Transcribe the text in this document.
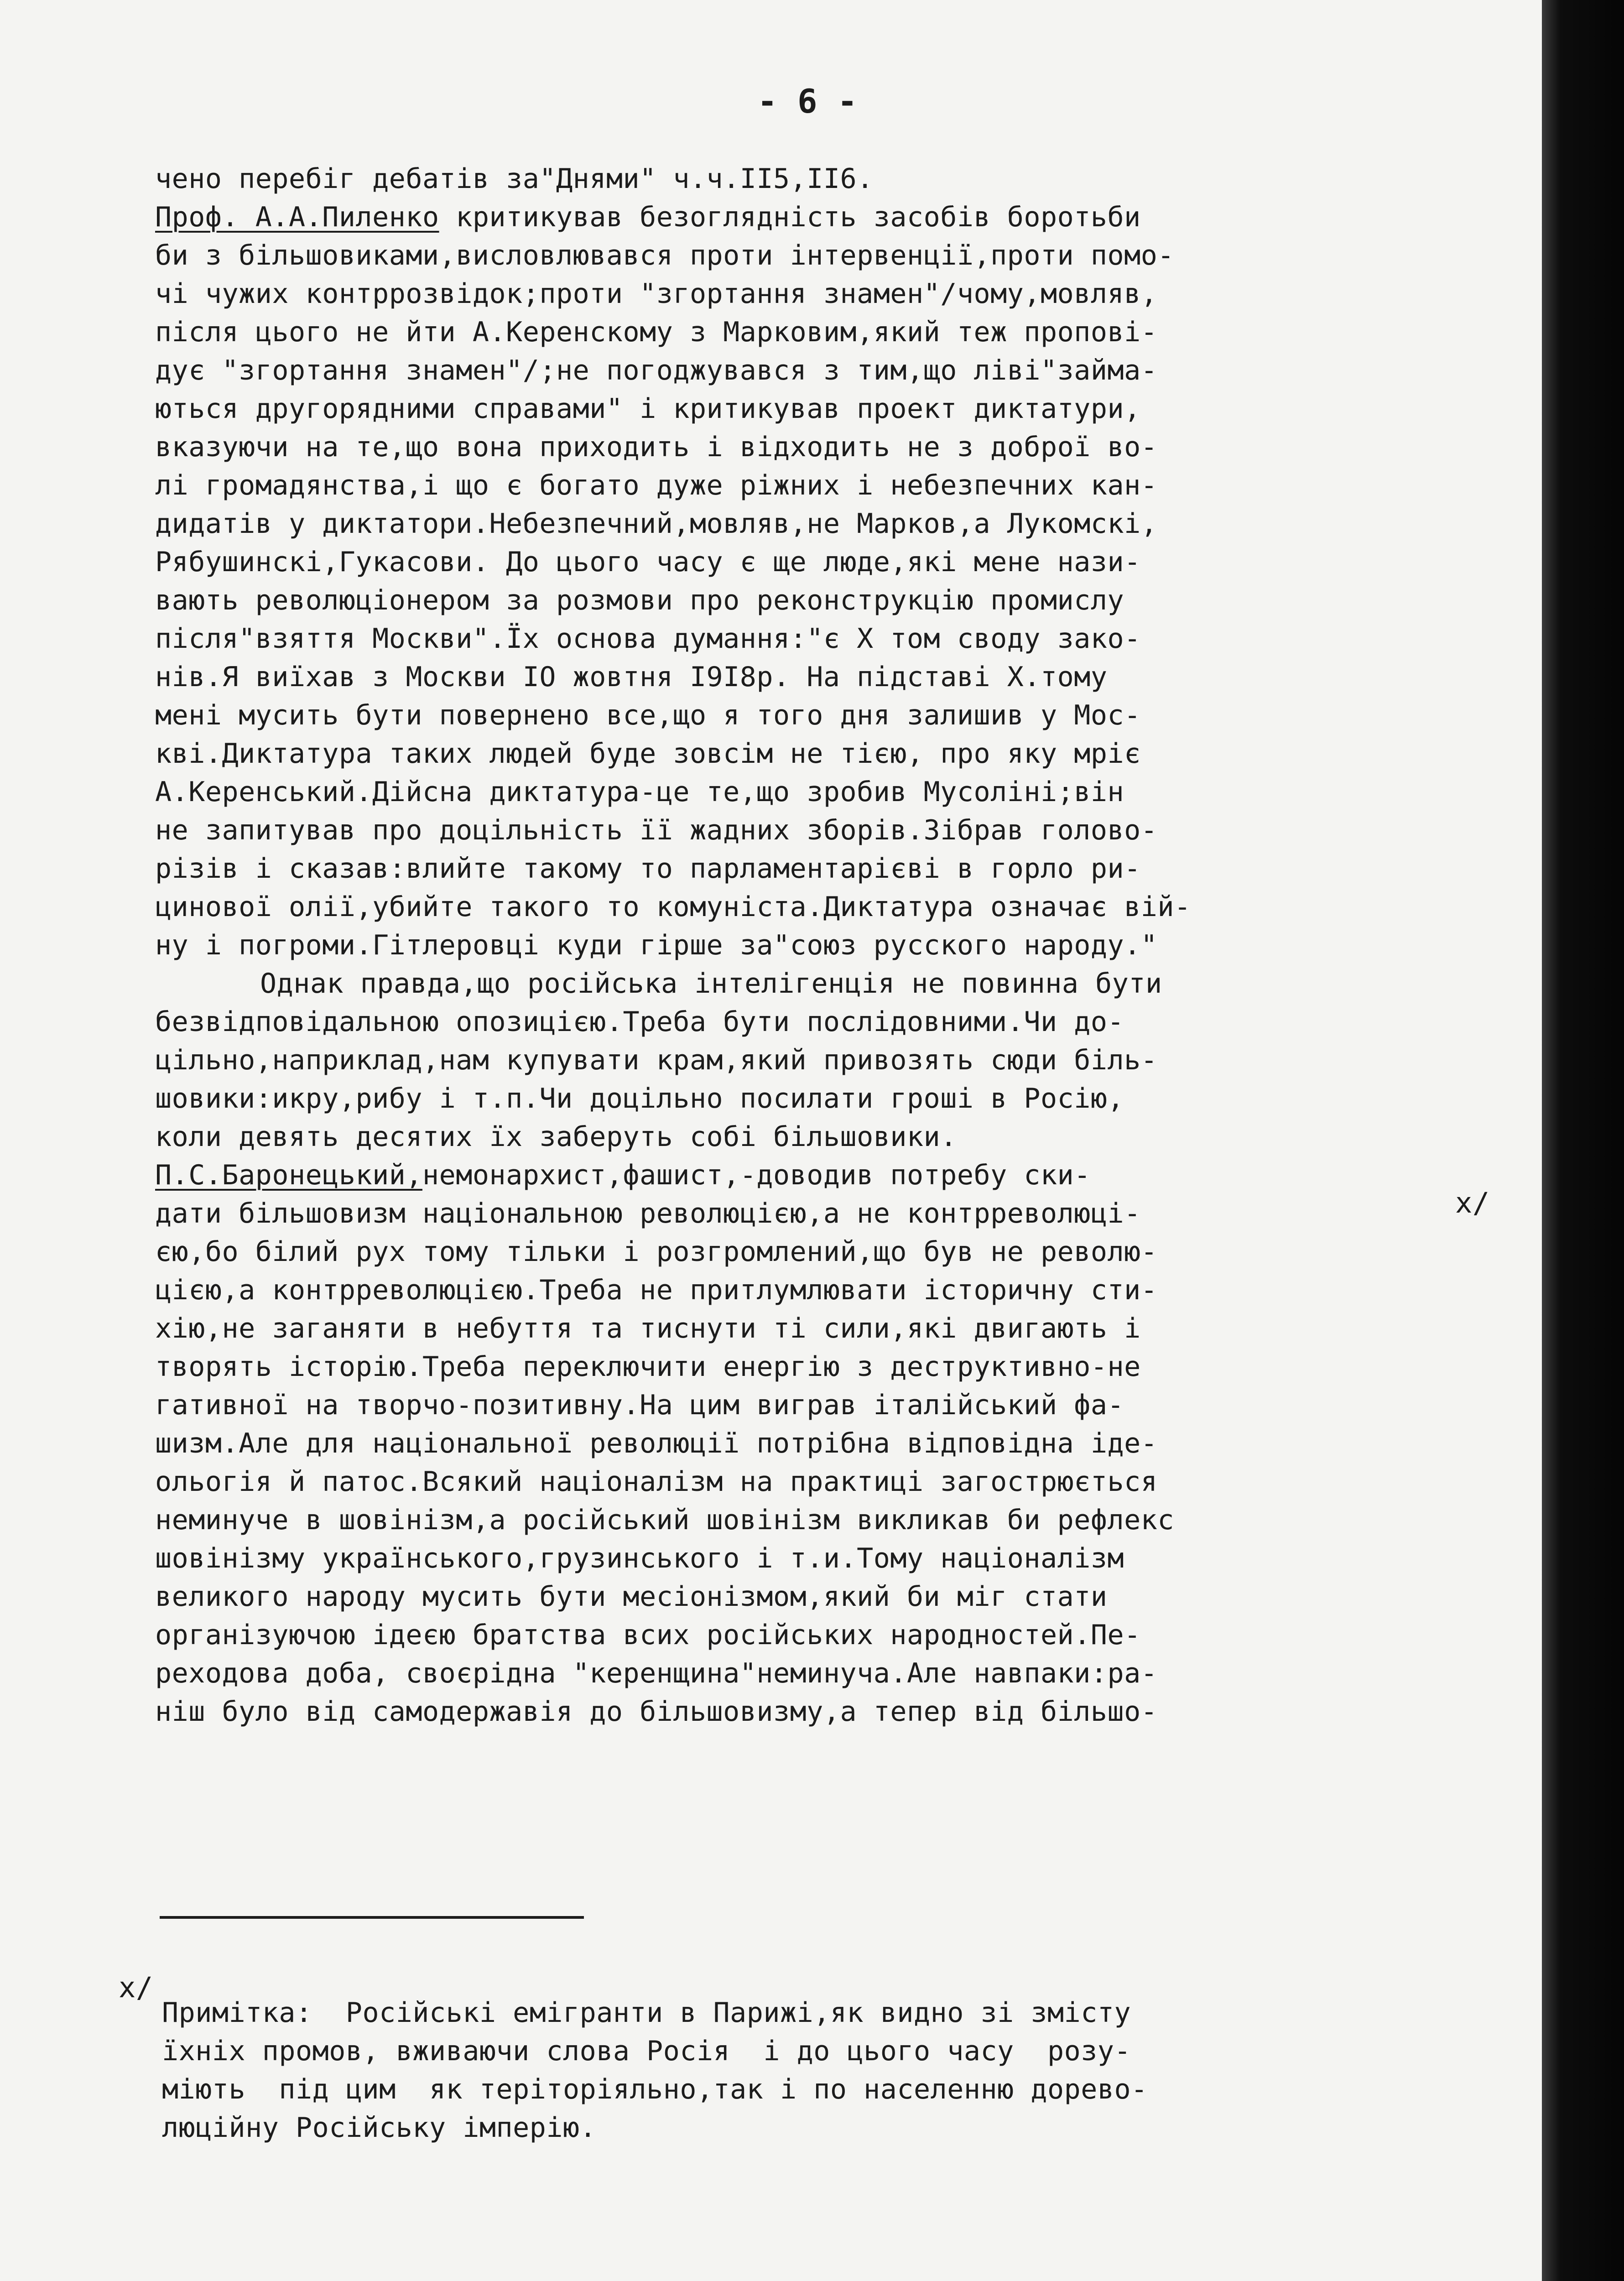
- 6 -
чено перебіг дебатів за"Днями" ч.ч.ІІ5,ІІ6.
Проф. А.А.Пиленко критикував безоглядність засобів боротьби
би з більшовиками,висловлювався проти інтервенції,проти помо-
чі чужих контррозвідок;проти "згортання знамен"/чому,мовляв,
після цього не йти А.Керенскому з Марковим,який теж пропові-
дує "згортання знамен"/;не погоджувався з тим,що ліві"займа-
ються другорядними справами" і критикував проект диктатури,
вказуючи на те,що вона приходить і відходить не з доброї во-
лі громадянства,і що є богато дуже ріжних і небезпечних кан-
дидатів у диктатори.Небезпечний,мовляв,не Марков,а Лукомскі,
Рябушинскі,Гукасови. До цього часу є ще люде,які мене нази-
вають революціонером за розмови про реконструкцію промислу
після"взяття Москви".Їх основа думання:"є Х том своду зако-
нів.Я виїхав з Москви ІО жовтня І9І8р. На підставі Х.тому
мені мусить бути повернено все,що я того дня залишив у Мос-
кві.Диктатура таких людей буде зовсім не тією, про яку мріє
А.Керенський.Дійсна диктатура-це те,що зробив Мусоліні;він
не запитував про доцільність її жадних зборів.Зібрав голово-
різів і сказав:влийте такому то парламентарієві в горло ри-
цинової олії,убийте такого то комуніста.Диктатура означає вій-
ну і погроми.Гітлеровці куди гірше за"союз русского народу."
Однак правда,що російська інтелігенція не повинна бути
безвідповідальною опозицією.Треба бути послідовними.Чи до-
цільно,наприклад,нам купувати крам,який привозять сюди біль-
шовики:икру,рибу і т.п.Чи доцільно посилати гроші в Росію,
коли девять десятих їх заберуть собі більшовики.
П.С.Баронецький,немонархист,фашист,-доводив потребу ски-
дати більшовизм національною революцією,а не контрреволюці-
єю,бо білий рух тому тільки і розгромлений,що був не револю-
цією,а контрреволюцією.Треба не притлумлювати історичну сти-
хію,не заганяти в небуття та тиснути ті сили,які двигають і
творять історію.Треба переключити енергію з деструктивно-не
гативної на творчо-позитивну.На цим виграв італійський фа-
шизм.Але для національної революції потрібна відповідна іде-
ольогія й патос.Всякий націоналізм на практиці загострюється
неминуче в шовінізм,а російський шовінізм викликав би рефлекс
шовінізму українського,грузинського і т.и.Тому націоналізм
великого народу мусить бути месіонізмом,який би міг стати
організуючою ідеєю братства всих російських народностей.Пе-
реходова доба, своєрідна "керенщина"неминуча.Але навпаки:ра-
ніш було від самодержавія до більшовизму,а тепер від більшо-
x/
x/
Примітка:  Російські емігранти в Парижі,як видно зі змісту
їхніх промов, вживаючи слова Росія  і до цього часу  розу-
міють  під цим  як теріторіяльно,так і по населенню дорево-
люційну Російську імперію.
